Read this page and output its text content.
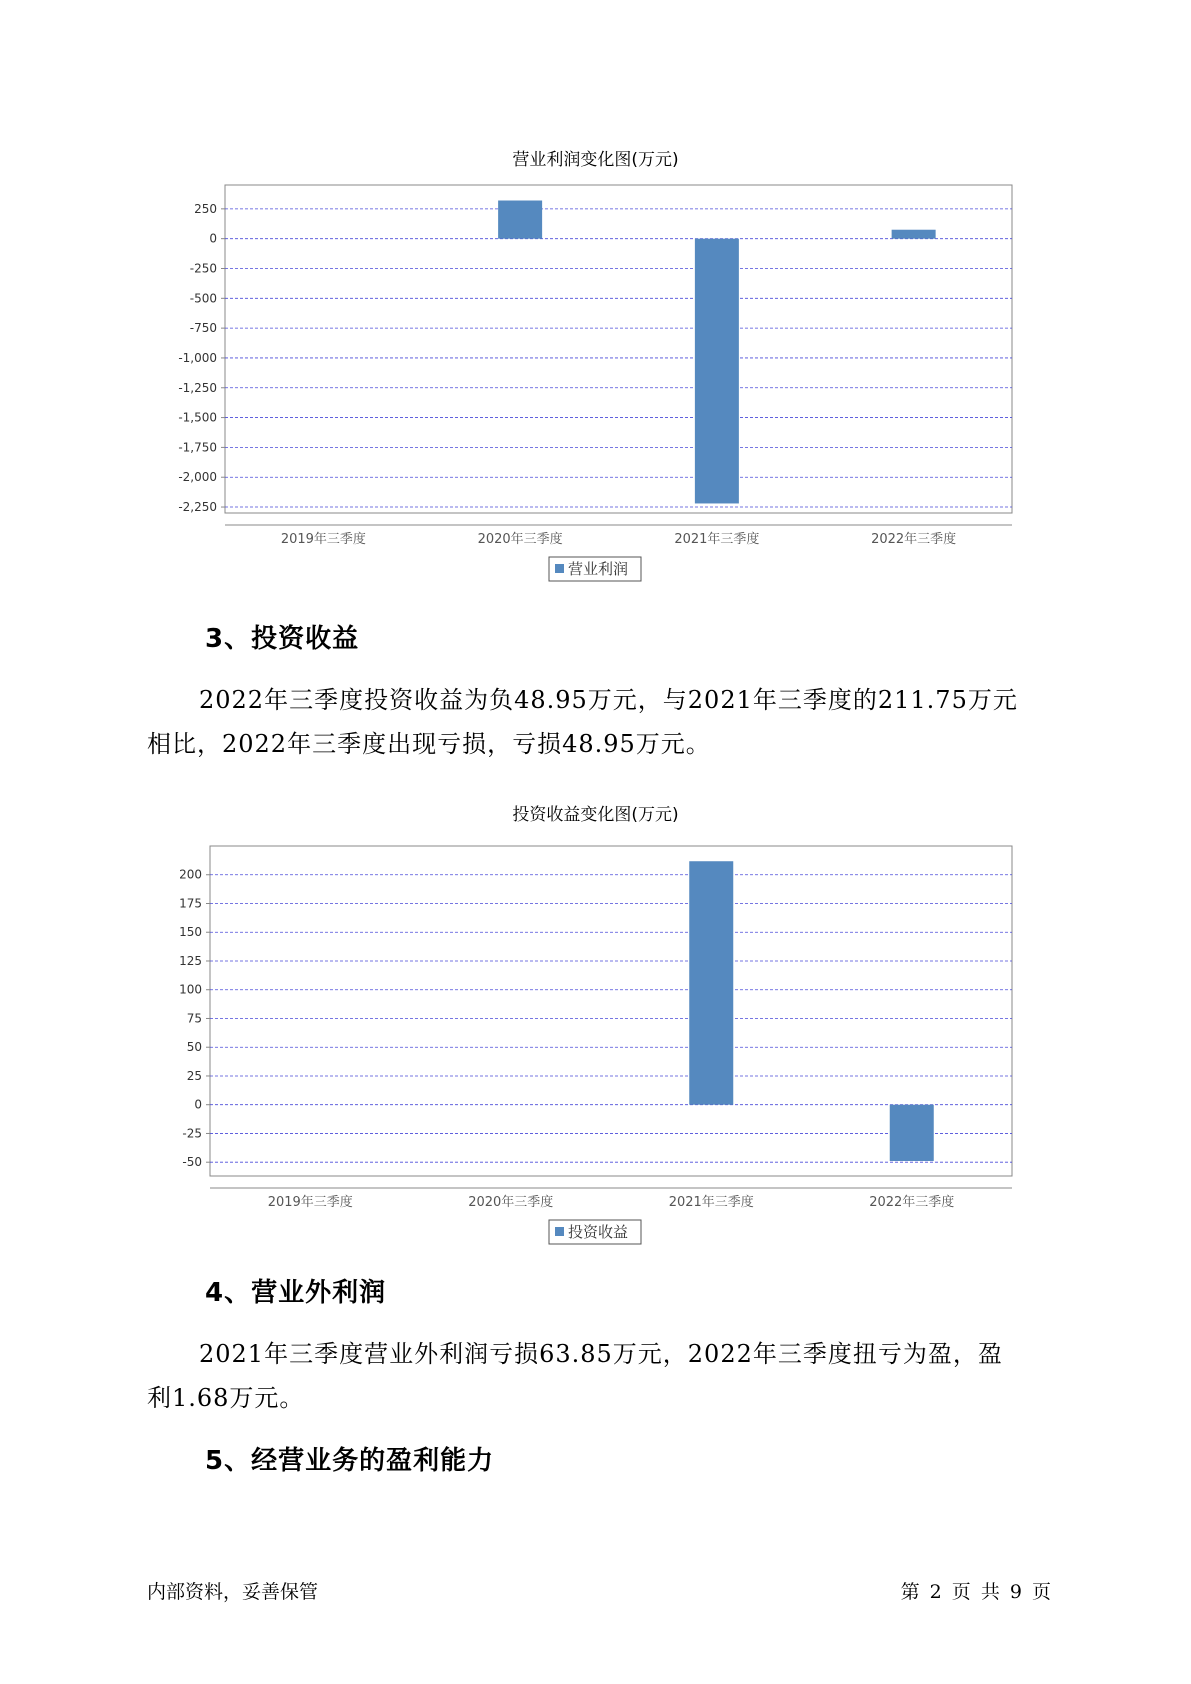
营业利润变化图(万元)
250
0
-250
-500
-750
-1,000
-1,250
-1,500
-1,750
-2,000
-2,250
2019年三季度	2020年三季度	2021年三季度	2022年三季度
营业利润
3、投资收益
2022年三季度投资收益为负48.95万元，与2021年三季度的211.75万元
相比，2022年三季度出现亏损，亏损48.95万元。
投资收益变化图(万元)
200
175
150
125
100
75
50
25
0
-25
-50
2019年三季度	2020年三季度	2021年三季度	2022年三季度
投资收益
4、营业外利润
2021年三季度营业外利润亏损63.85万元，2022年三季度扭亏为盈，盈
利1.68万元。
5、经营业务的盈利能力
内部资料，妥善保管	第 2 页 共 9 页
